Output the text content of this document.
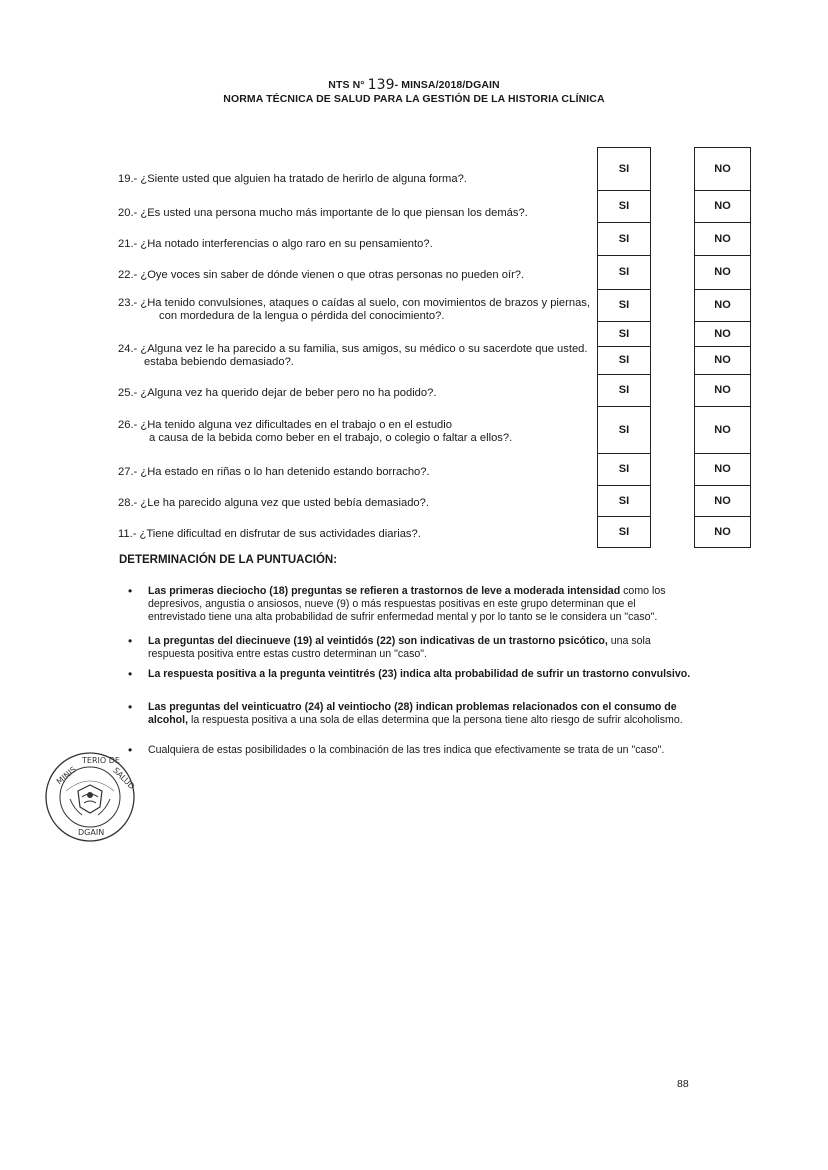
NTS N° 139- MINSA/2018/DGAIN
NORMA TÉCNICA DE SALUD PARA LA GESTIÓN DE LA HISTORIA CLÍNICA
19.- ¿Siente usted que alguien ha tratado de herirlo de alguna forma?.
20.- ¿Es usted una persona mucho más importante de lo que piensan los demás?.
21.- ¿Ha notado interferencias o algo raro en su pensamiento?.
22.- ¿Oye voces sin saber de dónde vienen o que otras personas no pueden oír?.
23.- ¿Ha tenido convulsiones, ataques o caídas al suelo, con movimientos de brazos y piernas,
con mordedura de la lengua o pérdida del conocimiento?.
24.- ¿Alguna vez le ha parecido a su familia, sus amigos, su médico o su sacerdote que usted.
estaba bebiendo demasiado?.
25.- ¿Alguna vez ha querido dejar de beber pero no ha podido?.
26.- ¿Ha tenido alguna vez dificultades en el trabajo o en el estudio
a causa de la bebida como beber en el trabajo, o colegio o faltar a ellos?.
27.- ¿Ha estado en riñas o lo han detenido estando borracho?.
28.- ¿Le ha parecido alguna vez que usted bebía demasiado?.
11.- ¿Tiene dificultad en disfrutar de sus actividades diarias?.
SI
SI
SI
SI
SI
SI
SI
SI
SI
SI
SI
SI
NO
NO
NO
NO
NO
NO
NO
NO
NO
NO
NO
NO
DETERMINACIÓN DE LA PUNTUACIÓN:
• Las primeras dieciocho (18) preguntas se refieren a trastornos de leve a moderada intensidad como los depresivos, angustia o ansiosos, nueve (9) o más respuestas positivas en este grupo determinan que el entrevistado tiene una alta probabilidad de sufrir enfermedad mental y por lo tanto se le considera un "caso".
• La preguntas del diecinueve (19) al veintidós (22) son indicativas de un trastorno psicótico, una sola respuesta positiva entre estas custro determinan un "caso".
• La respuesta positiva a la pregunta veintitrés (23) indica alta probabilidad de sufrir un trastorno convulsivo.
• Las preguntas del veinticuatro (24) al veintiocho (28) indican problemas relacionados con el consumo de alcohol, la respuesta positiva a una sola de ellas determina que la persona tiene alto riesgo de sufrir alcoholismo.
• Cualquiera de estas posibilidades o la combinación de las tres indica que efectivamente se trata de un "caso".
MINIS
TERIO DE
SALUD
DGAIN
88
